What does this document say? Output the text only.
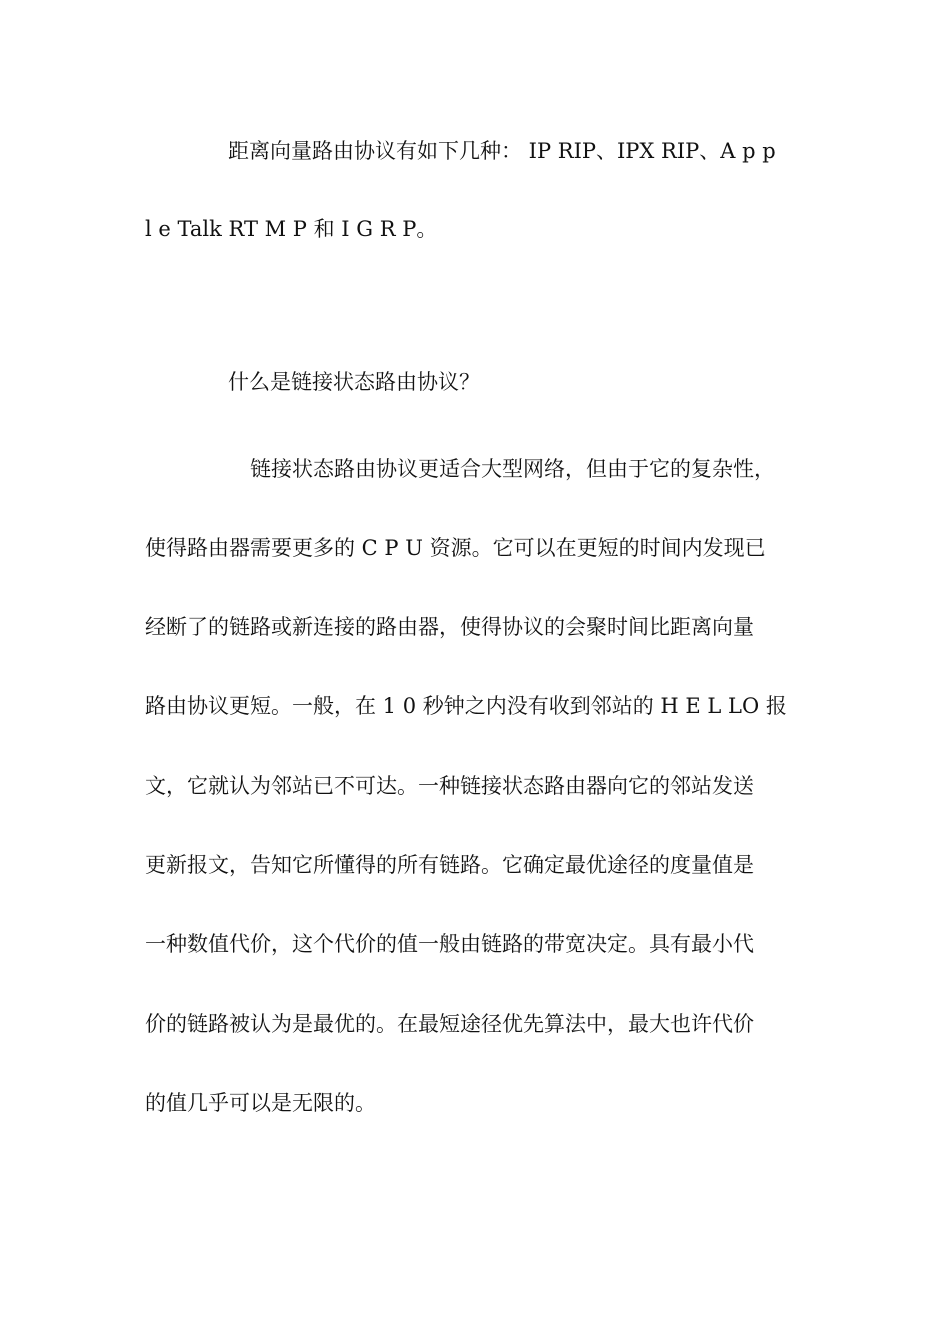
距离向量路由协议有如下几种： IP RIP、IPX RIP、A p p
l e Talk RT M P 和 I G R P。
什么是链接状态路由协议？
链接状态路由协议更适合大型网络，但由于它的复杂性，
使得路由器需要更多的 C P U 资源。它可以在更短的时间内发现已
经断了的链路或新连接的路由器，使得协议的会聚时间比距离向量
路由协议更短。一般，在 1 0 秒钟之内没有收到邻站的 H E L LO 报
文，它就认为邻站已不可达。一种链接状态路由器向它的邻站发送
更新报文，告知它所懂得的所有链路。它确定最优途径的度量值是
一种数值代价，这个代价的值一般由链路的带宽决定。具有最小代
价的链路被认为是最优的。在最短途径优先算法中，最大也许代价
的值几乎可以是无限的。
